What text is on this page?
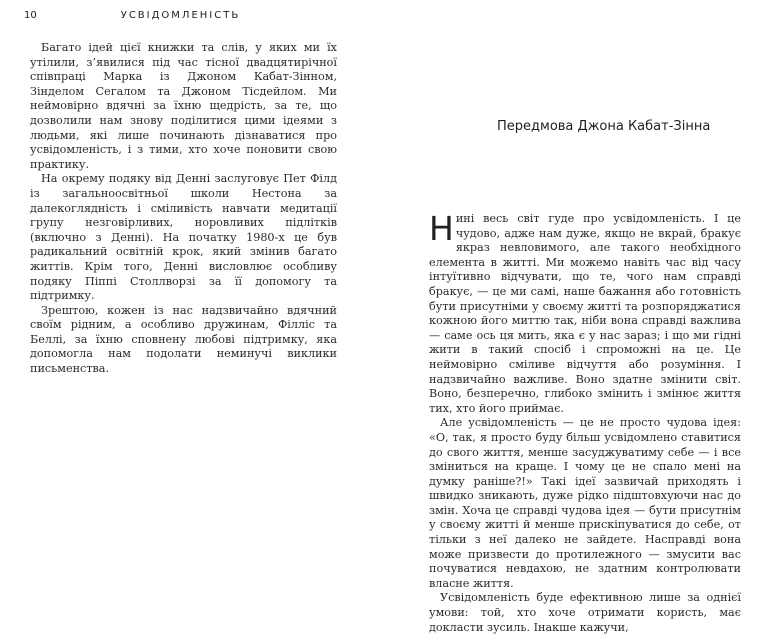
10	УСВІДОМЛЕНІСТЬ

Багато ідей цієї книжки та слів, у яких ми їх утілили, з’явилися під час тісної двадцятирічної співпраці Марка із Джоном Кабат-Зінном, Зінделом Сегалом та Джоном Тісдейлом. Ми неймовірно вдячні за їхню щедрість, за те, що дозволили нам знову поділитися цими ідеями з людьми, які лише починають дізнаватися про усвідомленість, і з тими, хто хоче поновити свою практику.

На окрему подяку від Денні заслуговує Пет Філд із загальноосвітньої школи Нестона за далекоглядність і сміливість навчати медитації групу незговірливих, норовливих підлітків (включно з Денні). На початку 1980-х це був радикальний освітній крок, який змінив багато життів. Крім того, Денні висловлює особливу подяку Піппі Столлворзі за її допомогу та підтримку.

Зрештою, кожен із нас надзвичайно вдячний своїм рідним, а особливо дружинам, Філліс та Беллі, за їхню сповнену любові підтримку, яка допомогла нам подолати неминучі виклики письменства.

Передмова Джона Кабат-Зінна

Нині весь світ гуде про усвідомленість. І це чудово, адже нам дуже, якщо не вкрай, бракує якраз невловимого, але такого необхідного елемента в житті. Ми можемо навіть час від часу інтуїтивно відчувати, що те, чого нам справді бракує, — це ми самі, наше бажання або готовність бути присутніми у своєму житті та розпоряджатися кожною його миттю так, ніби вона справді важлива — саме ось ця мить, яка є у нас зараз; і що ми гідні жити в такий спосіб і спроможні на це. Це неймовірно сміливе відчуття або розуміння. І надзвичайно важливе. Воно здатне змінити світ. Воно, безперечно, глибоко змінить і змінює життя тих, хто його приймає.

Але усвідомленість — це не просто чудова ідея: «О, так, я просто буду більш усвідомлено ставитися до свого життя, менше засуджуватиму себе — і все зміниться на краще. І чому це не спало мені на думку раніше?!» Такі ідеї зазвичай приходять і швидко зникають, дуже рідко підштовхуючи нас до змін. Хоча це справді чудова ідея — бути присутнім у своєму житті й менше прискіпуватися до себе, от тільки з неї далеко не зайдете. Насправді вона може призвести до протилежного — змусити вас почуватися невдахою, не здатним контролювати власне життя.

Усвідомленість буде ефективною лише за однієї умови: той, хто хоче отримати користь, має докласти зусиль. Інакше кажучи,
